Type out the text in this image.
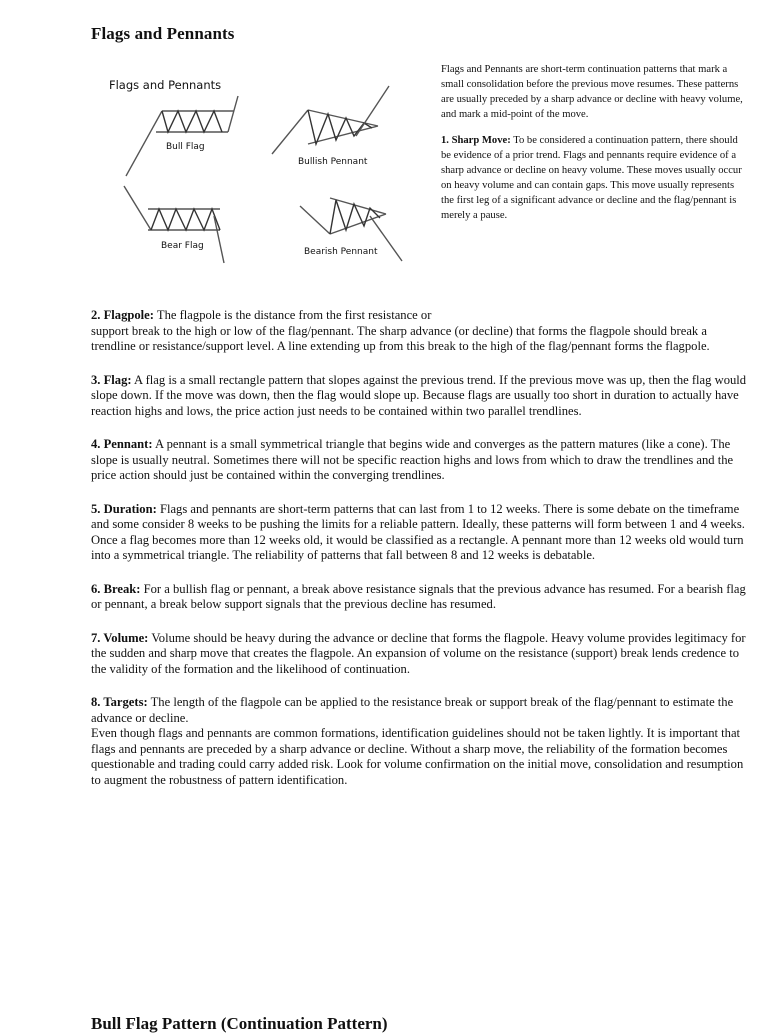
Flags and Pennants
Flags and Pennants
Bull Flag
Bullish Pennant
Bear Flag
Bearish Pennant

Flags and Pennants are short-term continuation patterns that mark a small consolidation before the previous move resumes. These patterns are usually preceded by a sharp advance or decline with heavy volume, and mark a mid-point of the move.

1. Sharp Move: To be considered a continuation pattern, there should be evidence of a prior trend. Flags and pennants require evidence of a sharp advance or decline on heavy volume. These moves usually occur on heavy volume and can contain gaps. This move usually represents the first leg of a significant advance or decline and the flag/pennant is merely a pause.

2. Flagpole: The flagpole is the distance from the first resistance or
support break to the high or low of the flag/pennant. The sharp advance (or decline) that forms the flagpole should break a trendline or resistance/support level. A line extending up from this break to the high of the flag/pennant forms the flagpole.

3. Flag: A flag is a small rectangle pattern that slopes against the previous trend. If the previous move was up, then the flag would slope down. If the move was down, then the flag would slope up. Because flags are usually too short in duration to actually have reaction highs and lows, the price action just needs to be contained within two parallel trendlines.

4. Pennant: A pennant is a small symmetrical triangle that begins wide and converges as the pattern matures (like a cone). The slope is usually neutral. Sometimes there will not be specific reaction highs and lows from which to draw the trendlines and the price action should just be contained within the converging trendlines.

5. Duration: Flags and pennants are short-term patterns that can last from 1 to 12 weeks. There is some debate on the timeframe and some consider 8 weeks to be pushing the limits for a reliable pattern. Ideally, these patterns will form between 1 and 4 weeks. Once a flag becomes more than 12 weeks old, it would be classified as a rectangle. A pennant more than 12 weeks old would turn into a symmetrical triangle. The reliability of patterns that fall between 8 and 12 weeks is debatable.

6. Break: For a bullish flag or pennant, a break above resistance signals that the previous advance has resumed. For a bearish flag or pennant, a break below support signals that the previous decline has resumed.

7. Volume: Volume should be heavy during the advance or decline that forms the flagpole. Heavy volume provides legitimacy for the sudden and sharp move that creates the flagpole. An expansion of volume on the resistance (support) break lends credence to the validity of the formation and the likelihood of continuation.

8. Targets: The length of the flagpole can be applied to the resistance break or support break of the flag/pennant to estimate the advance or decline.

Even though flags and pennants are common formations, identification guidelines should not be taken lightly. It is important that flags and pennants are preceded by a sharp advance or decline. Without a sharp move, the reliability of the formation becomes questionable and trading could carry added risk. Look for volume confirmation on the initial move, consolidation and resumption to augment the robustness of pattern identification.

Bull Flag Pattern (Continuation Pattern)
